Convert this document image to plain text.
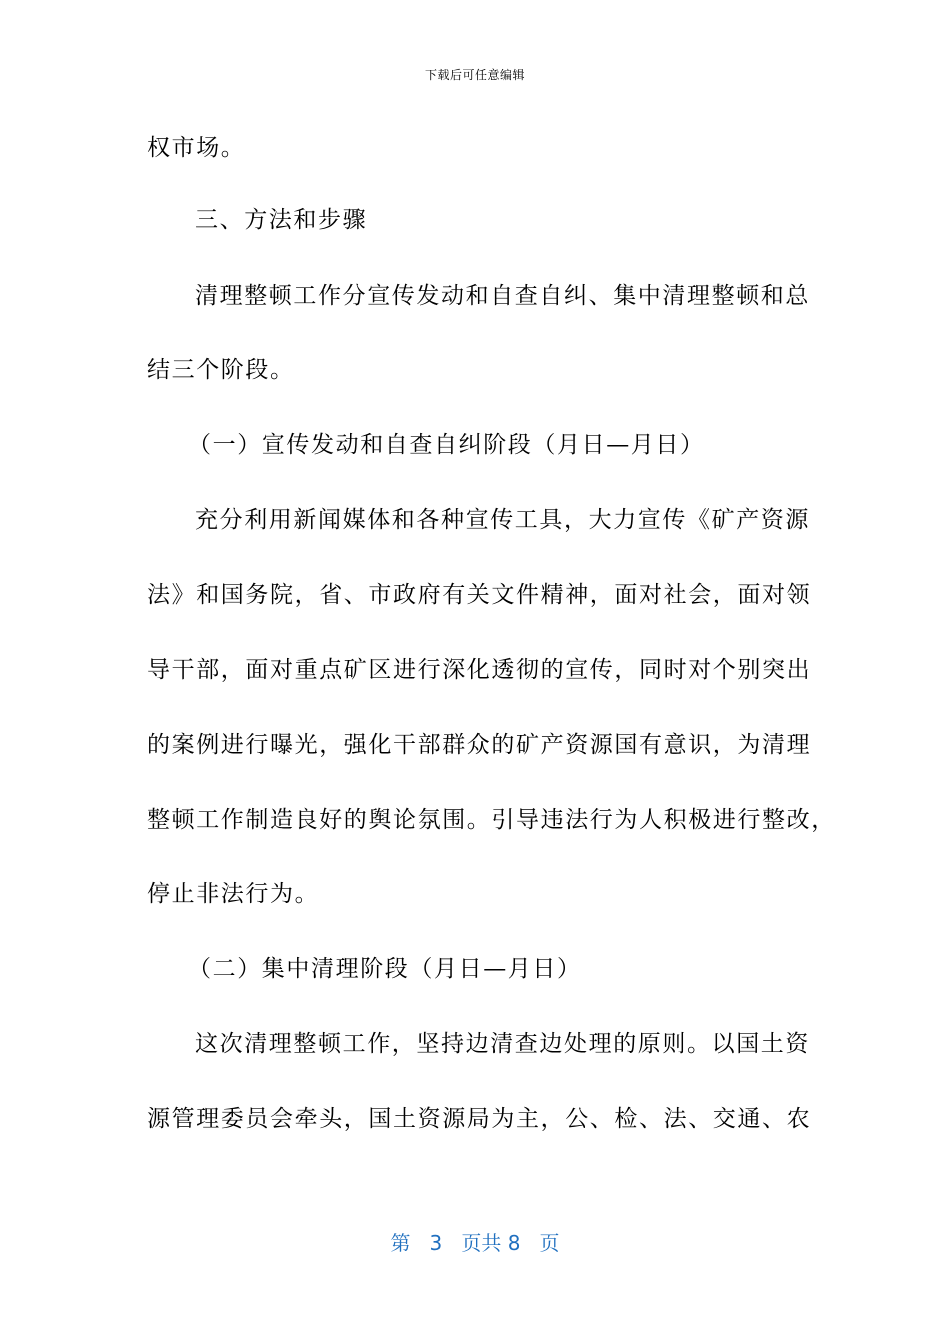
下载后可任意编辑
权市场。
三、方法和步骤
清理整顿工作分宣传发动和自查自纠、集中清理整顿和总
结三个阶段。
（一）宣传发动和自查自纠阶段（月日—月日）
充分利用新闻媒体和各种宣传工具，大力宣传《矿产资源
法》和国务院，省、市政府有关文件精神，面对社会，面对领
导干部，面对重点矿区进行深化透彻的宣传，同时对个别突出
的案例进行曝光，强化干部群众的矿产资源国有意识，为清理
整顿工作制造良好的舆论氛围。引导违法行为人积极进行整改，
停止非法行为。
（二）集中清理阶段（月日—月日）
这次清理整顿工作，坚持边清查边处理的原则。以国土资
源管理委员会牵头，国土资源局为主，公、检、法、交通、农
第 3 页共 8 页
